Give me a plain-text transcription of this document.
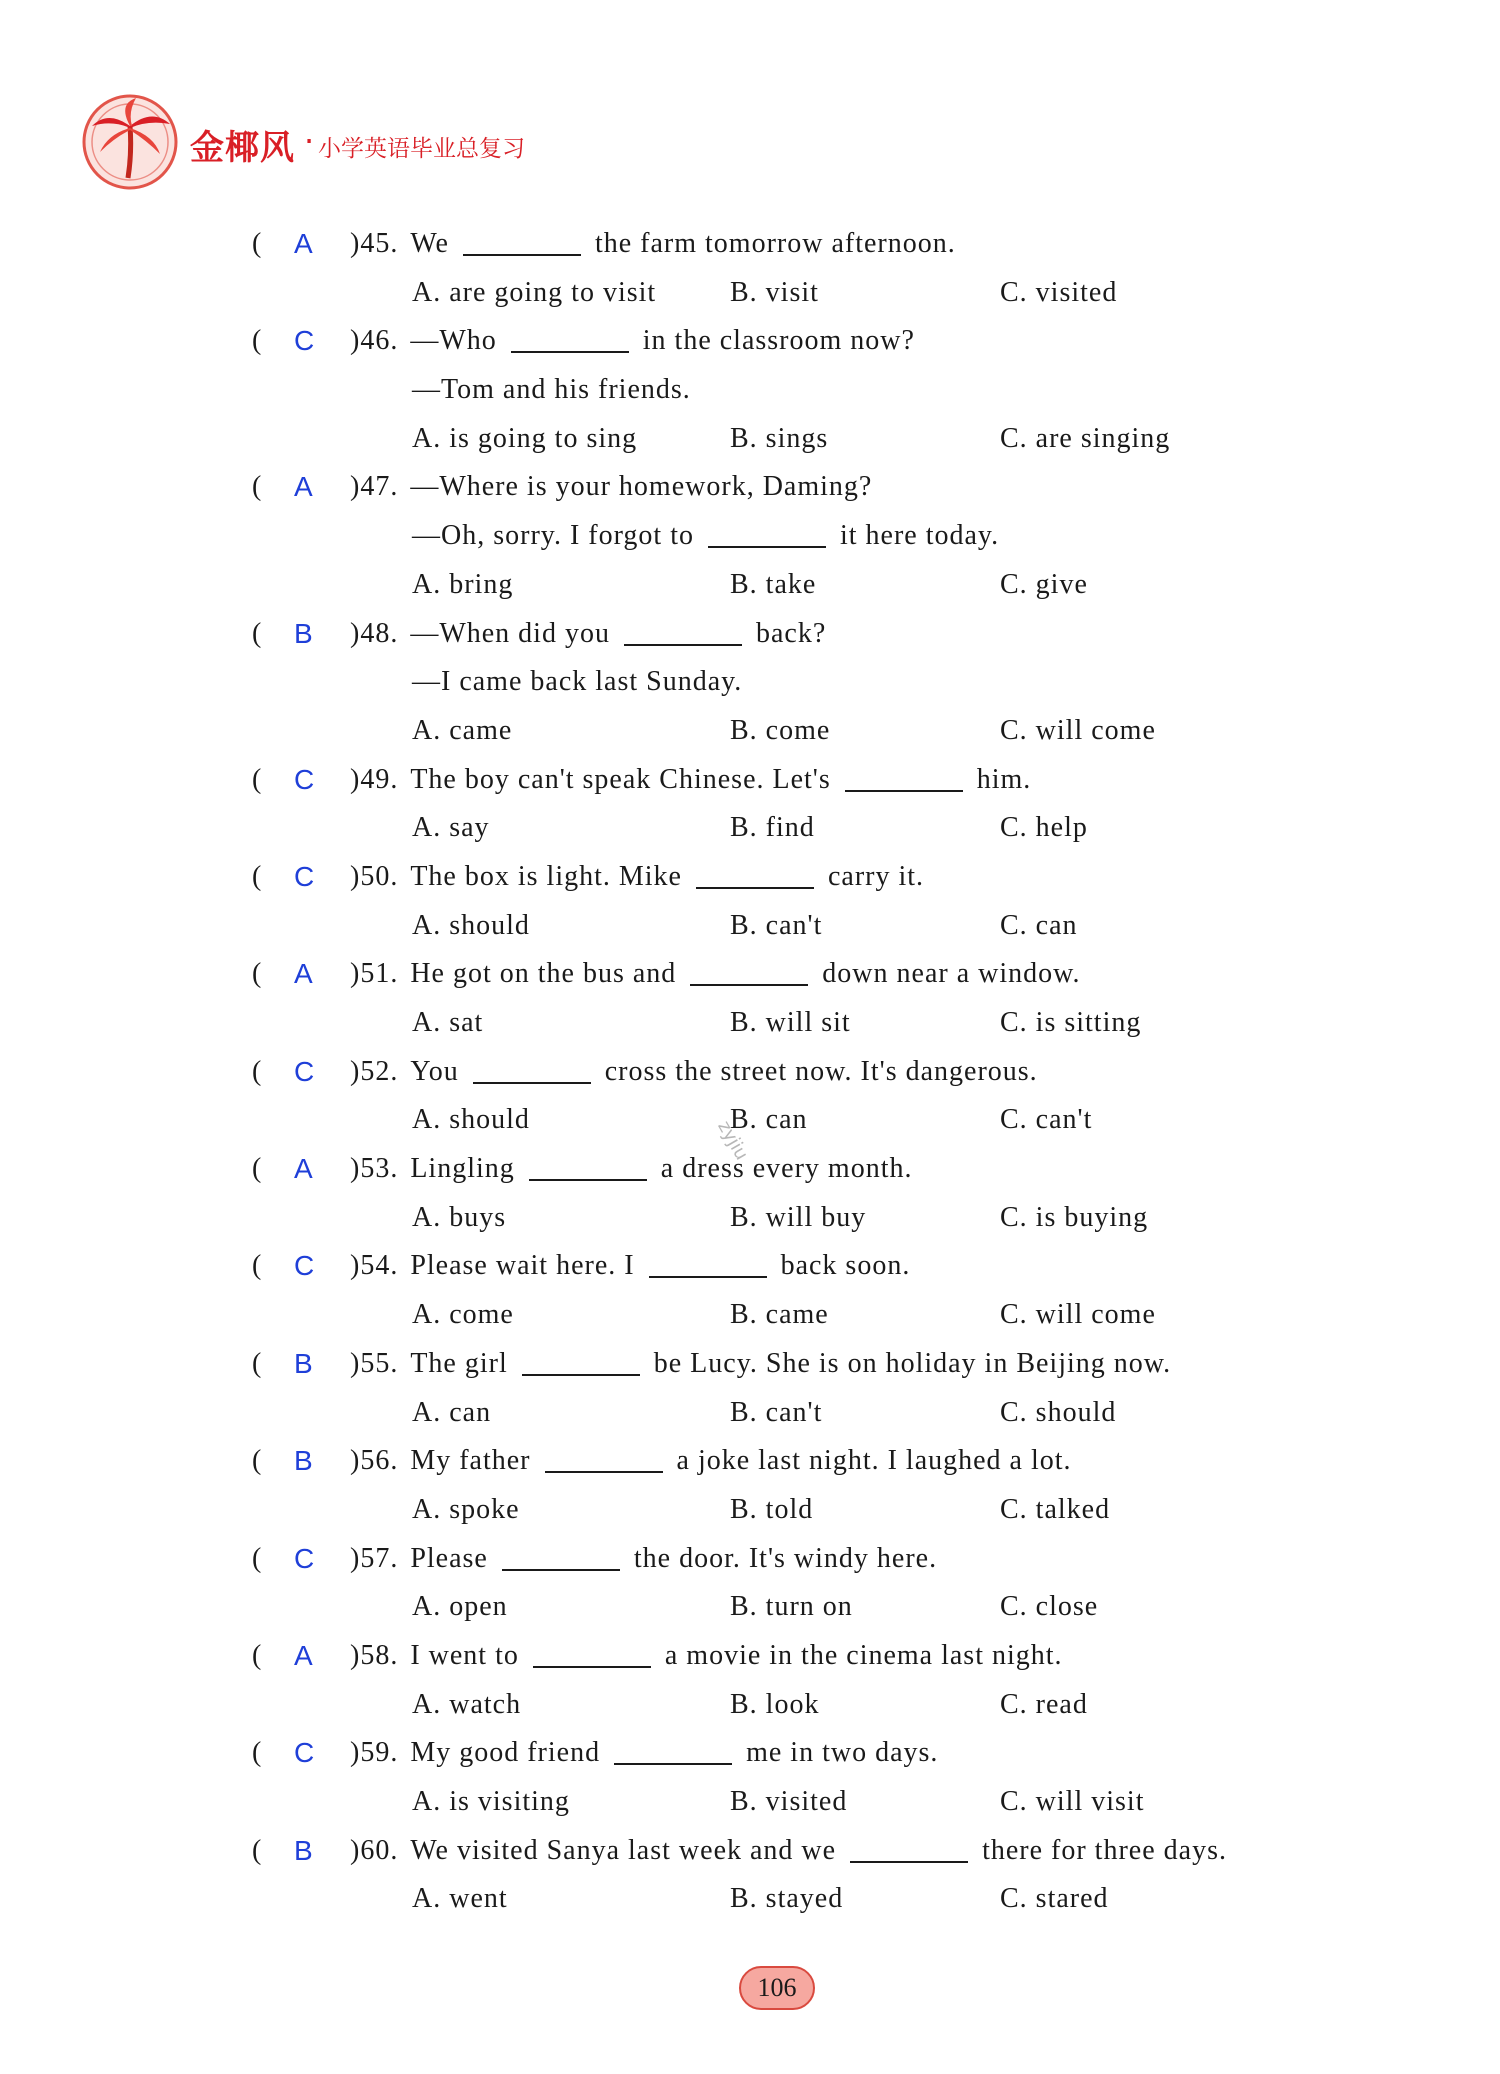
金椰风 · 小学英语毕业总复习
( A )45. We	the farm tomorrow afternoon.
A. are going to visit	B. visit	C. visited
( C )46. —Who	in the classroom now?
—Tom and his friends.
A. is going to sing	B. sings	C. are singing
( A )47. —Where is your homework, Daming?
—Oh, sorry. I forgot to	it here today.
A. bring	B. take	C. give
( B )48. —When did you	back?
—I came back last Sunday.
A. came	B. come	C. will come
( C )49. The boy can't speak Chinese. Let's	him.
A. say	B. find	C. help
( C )50. The box is light. Mike	carry it.
A. should	B. can't	C. can
( A )51. He got on the bus and	down near a window.
A. sat	B. will sit	C. is sitting
( C )52. You	cross the street now. It's dangerous.
A. should	B. can	C. can't
( A )53. Lingling	a dress every month.
A. buys	B. will buy	C. is buying
( C )54. Please wait here. I	back soon.
A. come	B. came	C. will come
( B )55. The girl	be Lucy. She is on holiday in Beijing now.
A. can	B. can't	C. should
( B )56. My father	a joke last night. I laughed a lot.
A. spoke	B. told	C. talked
( C )57. Please	the door. It's windy here.
A. open	B. turn on	C. close
( A )58. I went to	a movie in the cinema last night.
A. watch	B. look	C. read
( C )59. My good friend	me in two days.
A. is visiting	B. visited	C. will visit
( B )60. We visited Sanya last week and we	there for three days.
A. went	B. stayed	C. stared
zyjiu
106
